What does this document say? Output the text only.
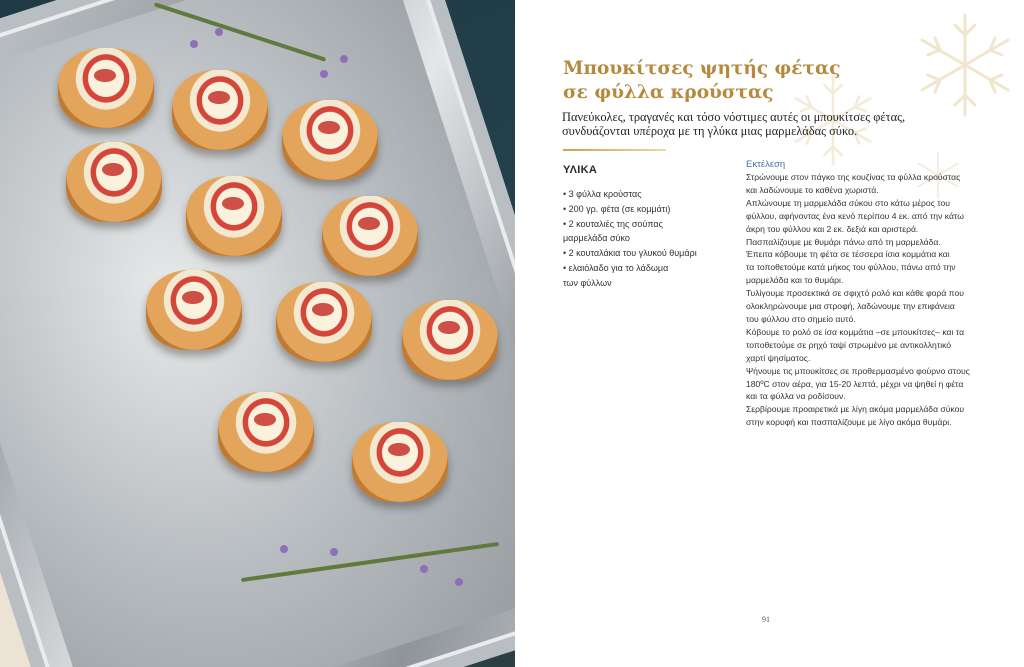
Μπουκίτσες ψητής φέτας
σε φύλλα κρούστας
Πανεύκολες, τραγανές και τόσο νόστιμες αυτές οι μπουκίτσες φέτας,
συνδυάζονται υπέροχα με τη γλύκα μιας μαρμελάδας σύκο.
ΥΛΙΚΑ
• 3 φύλλα κρούστας
• 200 γρ. φέτα (σε κομμάτι)
• 2 κουταλιές της σούπας
μαρμελάδα σύκο
• 2 κουταλάκια του γλυκού θυμάρι
• ελαιόλαδο για το λάδωμα
των φύλλων
Εκτέλεση
Στρώνουμε στον πάγκο της κουζίνας τα φύλλα κρούστας
και λαδώνουμε το καθένα χωριστά.
Απλώνουμε τη μαρμελάδα σύκου στο κάτω μέρος του
φύλλου, αφήνοντας ένα κενό περίπου 4 εκ. από την κάτω
άκρη του φύλλου και 2 εκ. δεξιά και αριστερά.
Πασπαλίζουμε με θυμάρι πάνω από τη μαρμελάδα.
Έπειτα κόβουμε τη φέτα σε τέσσερα ίσια κομμάτια και
τα τοποθετούμε κατά μήκος του φύλλου, πάνω από την
μαρμελάδα και το θυμάρι.
Τυλίγουμε προσεκτικά σε σφιχτό ρολό και κάθε φορά που
ολοκληρώνουμε μια στροφή, λαδώνουμε την επιφάνεια
του φύλλου στο σημείο αυτό.
Κόβουμε το ρολό σε ίσα κομμάτια –σε μπουκίτσες– και τα
τοποθετούμε σε ρηχό ταψί στρωμένο με αντικολλητικό
χαρτί ψησίματος.
Ψήνουμε τις μπουκίτσες σε προθερμασμένο φούρνο στους
180ºC στον αέρα, για 15-20 λεπτά, μέχρι να ψηθεί η φέτα
και τα φύλλα να ροδίσουν.
Σερβίρουμε προαιρετικά με λίγη ακόμα μαρμελάδα σύκου
στην κορυφή και πασπαλίζουμε με λίγο ακόμα θυμάρι.
91
